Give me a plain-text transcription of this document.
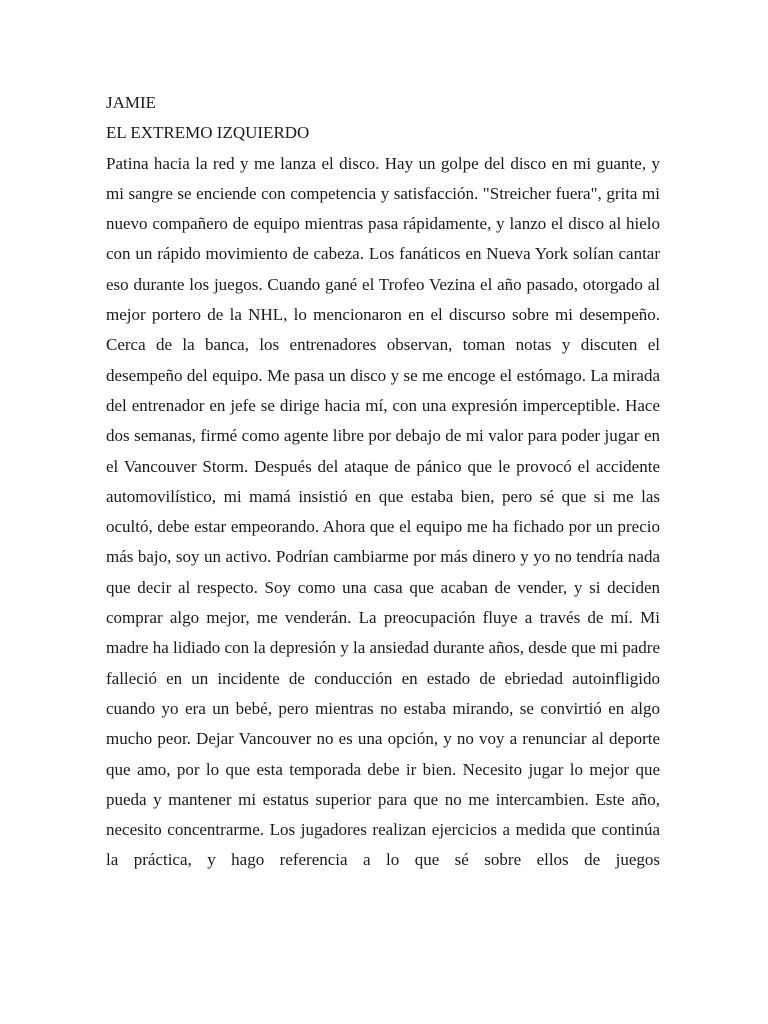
JAMIE

EL EXTREMO IZQUIERDO

Patina hacia la red y me lanza el disco. Hay un golpe del disco en mi guante, y mi sangre se enciende con competencia y satisfacción. "Streicher fuera", grita mi nuevo compañero de equipo mientras pasa rápidamente, y lanzo el disco al hielo con un rápido movimiento de cabeza. Los fanáticos en Nueva York solían cantar eso durante los juegos. Cuando gané el Trofeo Vezina el año pasado, otorgado al mejor portero de la NHL, lo mencionaron en el discurso sobre mi desempeño. Cerca de la banca, los entrenadores observan, toman notas y discuten el desempeño del equipo. Me pasa un disco y se me encoge el estómago. La mirada del entrenador en jefe se dirige hacia mí, con una expresión imperceptible. Hace dos semanas, firmé como agente libre por debajo de mi valor para poder jugar en el Vancouver Storm. Después del ataque de pánico que le provocó el accidente automovilístico, mi mamá insistió en que estaba bien, pero sé que si me las ocultó, debe estar empeorando. Ahora que el equipo me ha fichado por un precio más bajo, soy un activo. Podrían cambiarme por más dinero y yo no tendría nada que decir al respecto. Soy como una casa que acaban de vender, y si deciden comprar algo mejor, me venderán. La preocupación fluye a través de mí. Mi madre ha lidiado con la depresión y la ansiedad durante años, desde que mi padre falleció en un incidente de conducción en estado de ebriedad autoinfligido cuando yo era un bebé, pero mientras no estaba mirando, se convirtió en algo mucho peor. Dejar Vancouver no es una opción, y no voy a renunciar al deporte que amo, por lo que esta temporada debe ir bien. Necesito jugar lo mejor que pueda y mantener mi estatus superior para que no me intercambien. Este año, necesito concentrarme. Los jugadores realizan ejercicios a medida que continúa la práctica, y hago referencia a lo que sé sobre ellos de juegos
